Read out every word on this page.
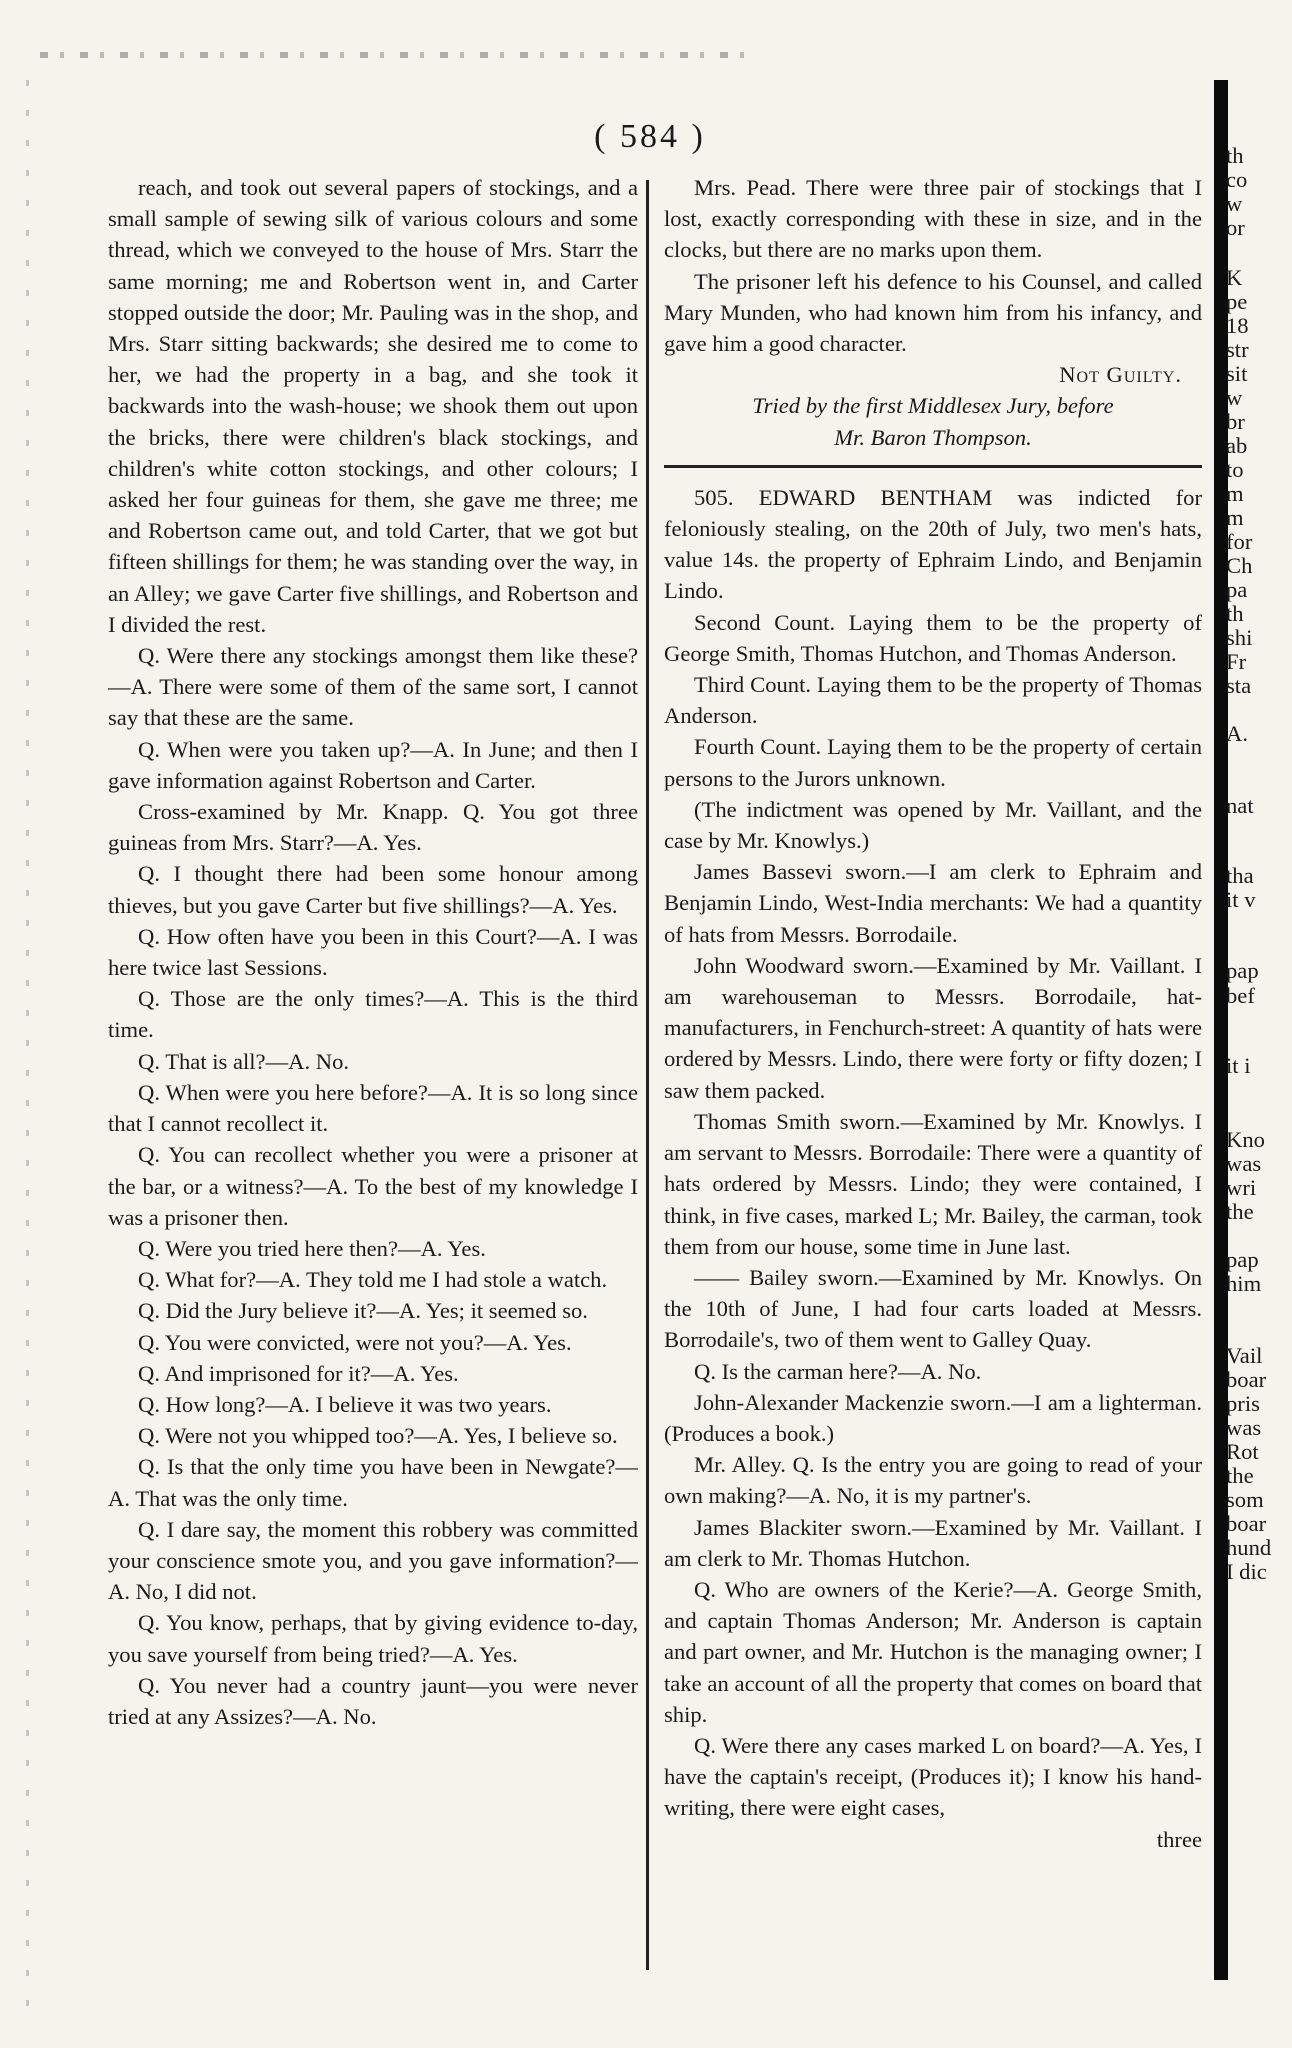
( 584 )

reach, and took out several papers of stockings, and a small sample of sewing silk of various colours and some thread, which we conveyed to the house of Mrs. Starr the same morning; me and Robertson went in, and Carter stopped outside the door; Mr. Pauling was in the shop, and Mrs. Starr sitting backwards; she desired me to come to her, we had the property in a bag, and she took it backwards into the wash-house; we shook them out upon the bricks, there were children's black stockings, and children's white cotton stockings, and other colours; I asked her four guineas for them, she gave me three; me and Robertson came out, and told Carter, that we got but fifteen shillings for them; he was standing over the way, in an Alley; we gave Carter five shillings, and Robertson and I divided the rest.

Q. Were there any stockings amongst them like these?—A. There were some of them of the same sort, I cannot say that these are the same.

Q. When were you taken up?—A. In June; and then I gave information against Robertson and Carter.

Cross-examined by Mr. Knapp. Q. You got three guineas from Mrs. Starr?—A. Yes.

Q. I thought there had been some honour among thieves, but you gave Carter but five shillings?—A. Yes.

Q. How often have you been in this Court?—A. I was here twice last Sessions.

Q. Those are the only times?—A. This is the third time.

Q. That is all?—A. No.

Q. When were you here before?—A. It is so long since that I cannot recollect it.

Q. You can recollect whether you were a prisoner at the bar, or a witness?—A. To the best of my knowledge I was a prisoner then.

Q. Were you tried here then?—A. Yes.

Q. What for?—A. They told me I had stole a watch.

Q. Did the Jury believe it?—A. Yes; it seemed so.

Q. You were convicted, were not you?—A. Yes.

Q. And imprisoned for it?—A. Yes.

Q. How long?—A. I believe it was two years.

Q. Were not you whipped too?—A. Yes, I believe so.

Q. Is that the only time you have been in Newgate?—A. That was the only time.

Q. I dare say, the moment this robbery was committed your conscience smote you, and you gave information?—A. No, I did not.

Q. You know, perhaps, that by giving evidence to-day, you save yourself from being tried?—A. Yes.

Q. You never had a country jaunt—you were never tried at any Assizes?—A. No.

Mrs. Pead. There were three pair of stockings that I lost, exactly corresponding with these in size, and in the clocks, but there are no marks upon them.

The prisoner left his defence to his Counsel, and called Mary Munden, who had known him from his infancy, and gave him a good character.

Not Guilty.

Tried by the first Middlesex Jury, before

Mr. Baron Thompson.

505. EDWARD BENTHAM was indicted for feloniously stealing, on the 20th of July, two men's hats, value 14s. the property of Ephraim Lindo, and Benjamin Lindo.

Second Count. Laying them to be the property of George Smith, Thomas Hutchon, and Thomas Anderson.

Third Count. Laying them to be the property of Thomas Anderson.

Fourth Count. Laying them to be the property of certain persons to the Jurors unknown.

(The indictment was opened by Mr. Vaillant, and the case by Mr. Knowlys.)

James Bassevi sworn.—I am clerk to Ephraim and Benjamin Lindo, West-India merchants: We had a quantity of hats from Messrs. Borrodaile.

John Woodward sworn.—Examined by Mr. Vaillant. I am warehouseman to Messrs. Borrodaile, hat-manufacturers, in Fenchurch-street: A quantity of hats were ordered by Messrs. Lindo, there were forty or fifty dozen; I saw them packed.

Thomas Smith sworn.—Examined by Mr. Knowlys. I am servant to Messrs. Borrodaile: There were a quantity of hats ordered by Messrs. Lindo; they were contained, I think, in five cases, marked L; Mr. Bailey, the carman, took them from our house, some time in June last.

—— Bailey sworn.—Examined by Mr. Knowlys. On the 10th of June, I had four carts loaded at Messrs. Borrodaile's, two of them went to Galley Quay.

Q. Is the carman here?—A. No.

John-Alexander Mackenzie sworn.—I am a lighterman. (Produces a book.)

Mr. Alley. Q. Is the entry you are going to read of your own making?—A. No, it is my partner's.

James Blackiter sworn.—Examined by Mr. Vaillant. I am clerk to Mr. Thomas Hutchon.

Q. Who are owners of the Kerie?—A. George Smith, and captain Thomas Anderson; Mr. Anderson is captain and part owner, and Mr. Hutchon is the managing owner; I take an account of all the property that comes on board that ship.

Q. Were there any cases marked L on board?—A. Yes, I have the captain's receipt, (Produces it); I know his hand-writing, there were eight cases,

three

th
co
w
or
K
pe
18
str
sit
w
br
ab
to
m
m
for
Ch
pa
th
shi
Fr
sta
A.
nat
tha
it v
pap
bef
it i
Kno
was
wri
the
pap
him
Vail
boar
pris
was
Rot
the
som
boar
hund
I dic
